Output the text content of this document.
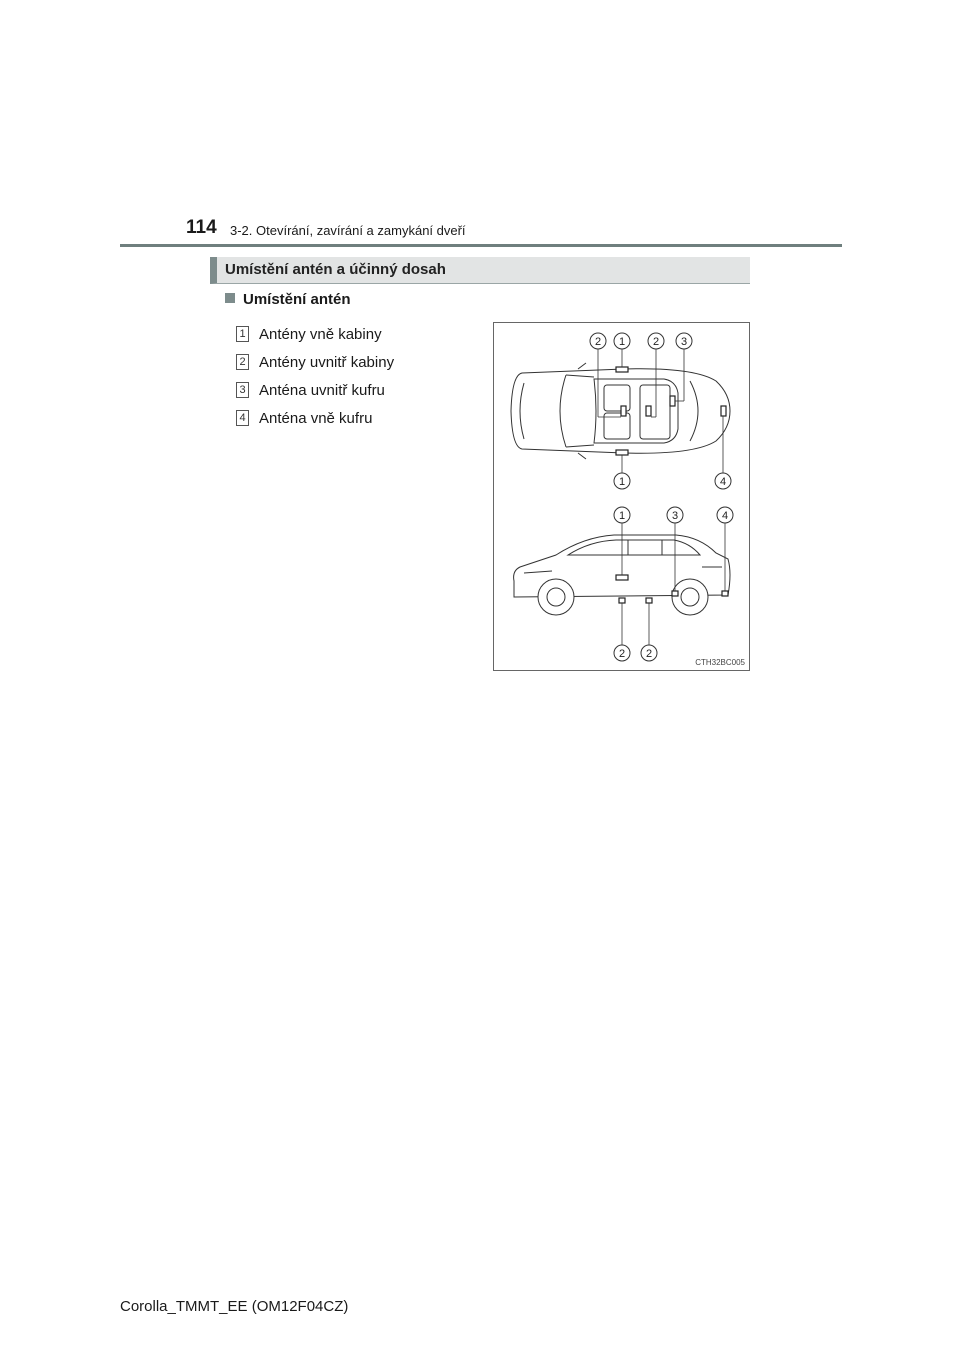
114 3-2. Otevírání, zavírání a zamykání dveří
Umístění antén a účinný dosah
Umístění antén
1 Antény vně kabiny
2 Antény uvnitř kabiny
3 Anténa uvnitř kufru
4 Anténa vně kufru
2 1	2 3
1	4
1	3	4
2 2
CTH32BC005
Corolla_TMMT_EE (OM12F04CZ)
